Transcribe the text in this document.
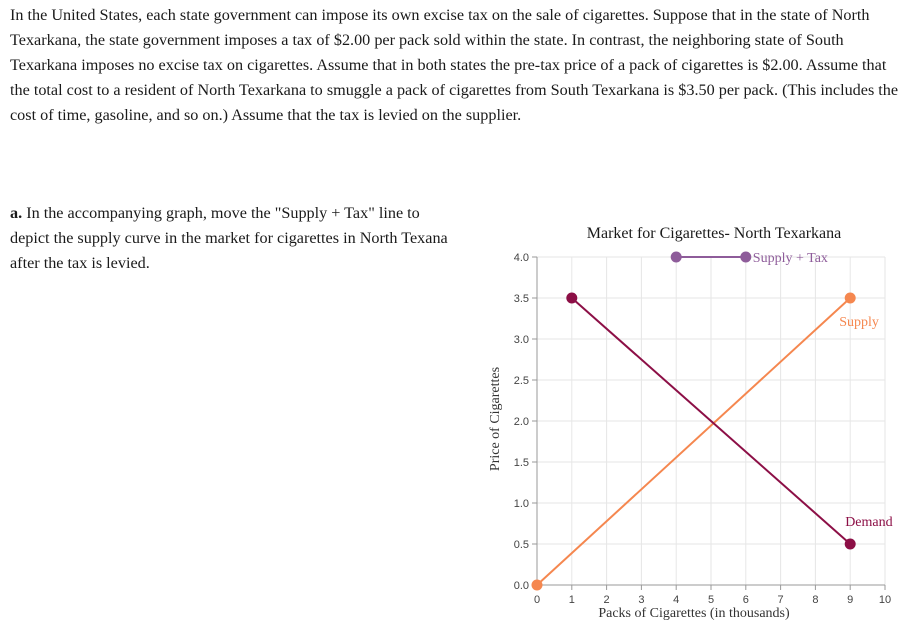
In the United States, each state government can impose its own excise tax on the sale of cigarettes. Suppose that in the state of North Texarkana, the state government imposes a tax of $2.00 per pack sold within the state. In contrast, the neighboring state of South Texarkana imposes no excise tax on cigarettes. Assume that in both states the pre-tax price of a pack of cigarettes is $2.00. Assume that the total cost to a resident of North Texarkana to smuggle a pack of cigarettes from South Texarkana is $3.50 per pack. (This includes the cost of time, gasoline, and so on.) Assume that the tax is levied on the supplier.

a. In the accompanying graph, move the "Supply + Tax" line to depict the supply curve in the market for cigarettes in North Texana after the tax is levied.

Market for Cigarettes- North Texarkana
0.0
0.5
1.0
1.5
2.0
2.5
3.0
3.5
4.0
0	1	2	3	4	5	6	7	8	9 10
Supply + Tax
Supply
Demand
Packs of Cigarettes (in thousands)
Price of Cigarettes
